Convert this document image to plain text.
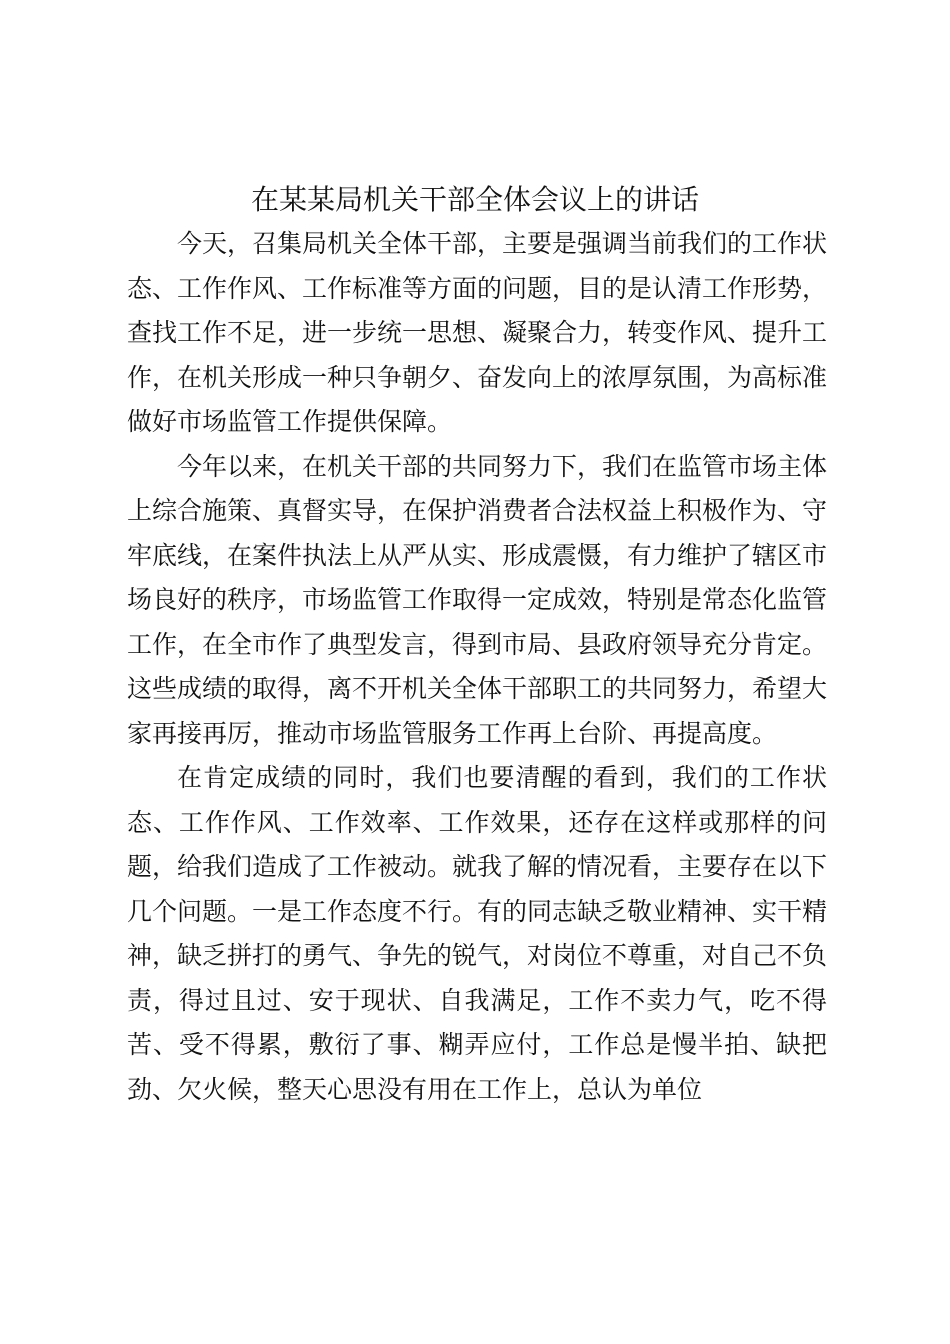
在某某局机关干部全体会议上的讲话

今天，召集局机关全体干部，主要是强调当前我们的工作状态、工作作风、工作标准等方面的问题，目的是认清工作形势，查找工作不足，进一步统一思想、凝聚合力，转变作风、提升工作，在机关形成一种只争朝夕、奋发向上的浓厚氛围，为高标准做好市场监管工作提供保障。

今年以来，在机关干部的共同努力下，我们在监管市场主体上综合施策、真督实导，在保护消费者合法权益上积极作为、守牢底线，在案件执法上从严从实、形成震慑，有力维护了辖区市场良好的秩序，市场监管工作取得一定成效，特别是常态化监管工作，在全市作了典型发言，得到市局、县政府领导充分肯定。这些成绩的取得，离不开机关全体干部职工的共同努力，希望大家再接再厉，推动市场监管服务工作再上台阶、再提高度。

在肯定成绩的同时，我们也要清醒的看到，我们的工作状态、工作作风、工作效率、工作效果，还存在这样或那样的问题，给我们造成了工作被动。就我了解的情况看，主要存在以下几个问题。一是工作态度不行。有的同志缺乏敬业精神、实干精神，缺乏拼打的勇气、争先的锐气，对岗位不尊重，对自己不负责，得过且过、安于现状、自我满足，工作不卖力气，吃不得苦、受不得累，敷衍了事、糊弄应付，工作总是慢半拍、缺把劲、欠火候，整天心思没有用在工作上，总认为单位
